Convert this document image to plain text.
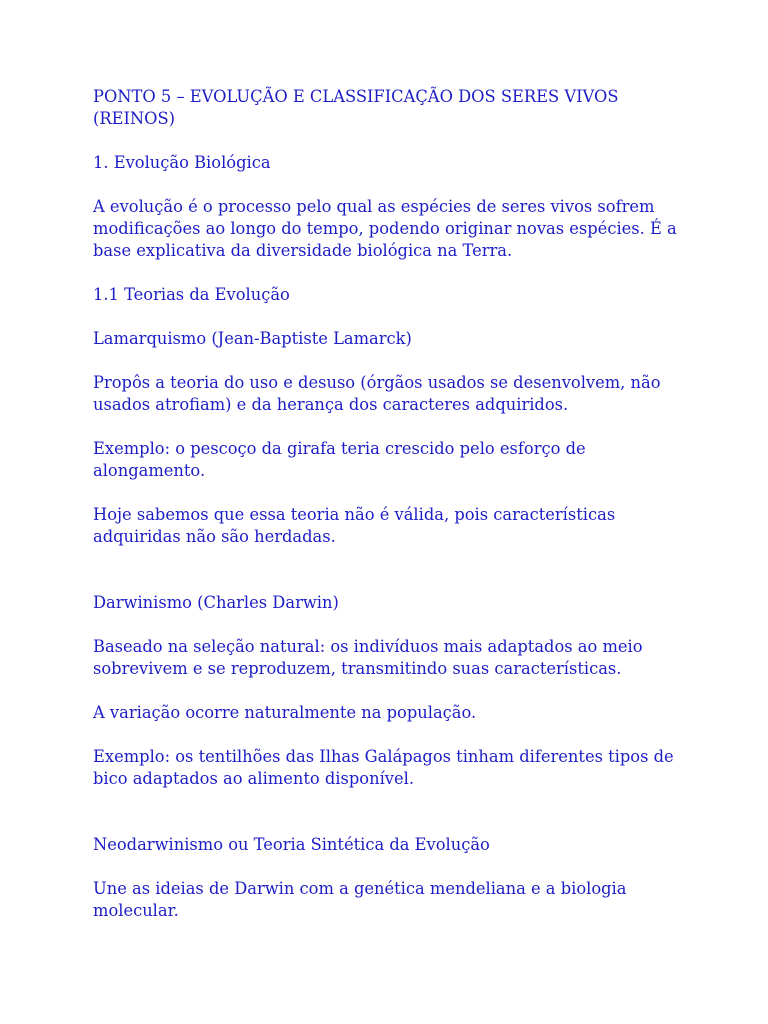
PONTO 5 – EVOLUÇÃO E CLASSIFICAÇÃO DOS SERES VIVOS (REINOS)

1. Evolução Biológica

A evolução é o processo pelo qual as espécies de seres vivos sofrem modificações ao longo do tempo, podendo originar novas espécies. É a base explicativa da diversidade biológica na Terra.

1.1 Teorias da Evolução

Lamarquismo (Jean-Baptiste Lamarck)

Propôs a teoria do uso e desuso (órgãos usados se desenvolvem, não usados atrofiam) e da herança dos caracteres adquiridos.

Exemplo: o pescoço da girafa teria crescido pelo esforço de alongamento.

Hoje sabemos que essa teoria não é válida, pois características adquiridas não são herdadas.

Darwinismo (Charles Darwin)

Baseado na seleção natural: os indivíduos mais adaptados ao meio sobrevivem e se reproduzem, transmitindo suas características.

A variação ocorre naturalmente na população.

Exemplo: os tentilhões das Ilhas Galápagos tinham diferentes tipos de bico adaptados ao alimento disponível.

Neodarwinismo ou Teoria Sintética da Evolução

Une as ideias de Darwin com a genética mendeliana e a biologia molecular.
